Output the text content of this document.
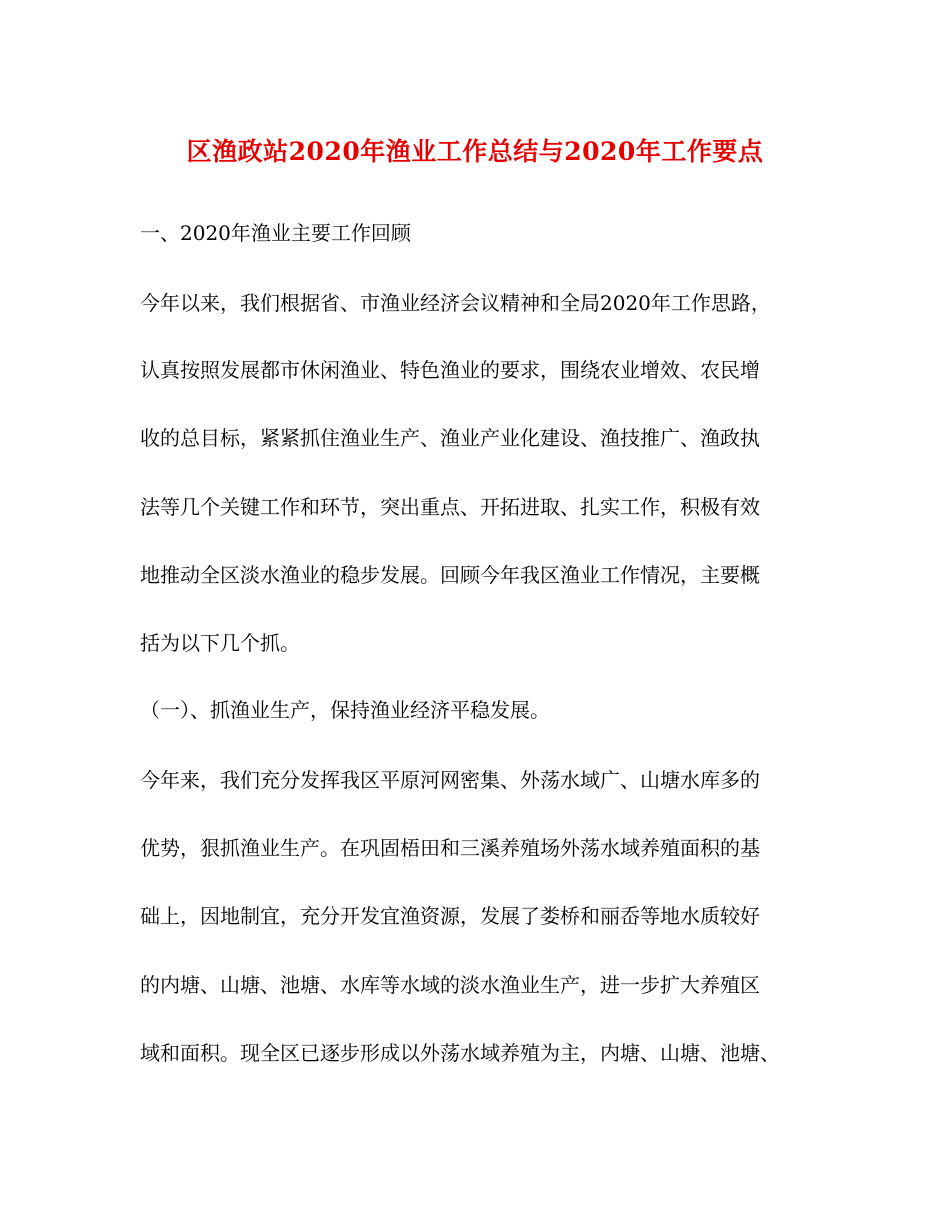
区渔政站2020年渔业工作总结与2020年工作要点
一、2020年渔业主要工作回顾
今年以来，我们根据省、市渔业经济会议精神和全局2020年工作思路，
认真按照发展都市休闲渔业、特色渔业的要求，围绕农业增效、农民增
收的总目标，紧紧抓住渔业生产、渔业产业化建设、渔技推广、渔政执
法等几个关键工作和环节，突出重点、开拓进取、扎实工作，积极有效
地推动全区淡水渔业的稳步发展。回顾今年我区渔业工作情况，主要概
括为以下几个抓。
（一）、抓渔业生产，保持渔业经济平稳发展。
今年来，我们充分发挥我区平原河网密集、外荡水域广、山塘水库多的
优势，狠抓渔业生产。在巩固梧田和三溪养殖场外荡水域养殖面积的基
础上，因地制宜，充分开发宜渔资源，发展了娄桥和丽岙等地水质较好
的内塘、山塘、池塘、水库等水域的淡水渔业生产，进一步扩大养殖区
域和面积。现全区已逐步形成以外荡水域养殖为主，内塘、山塘、池塘、
